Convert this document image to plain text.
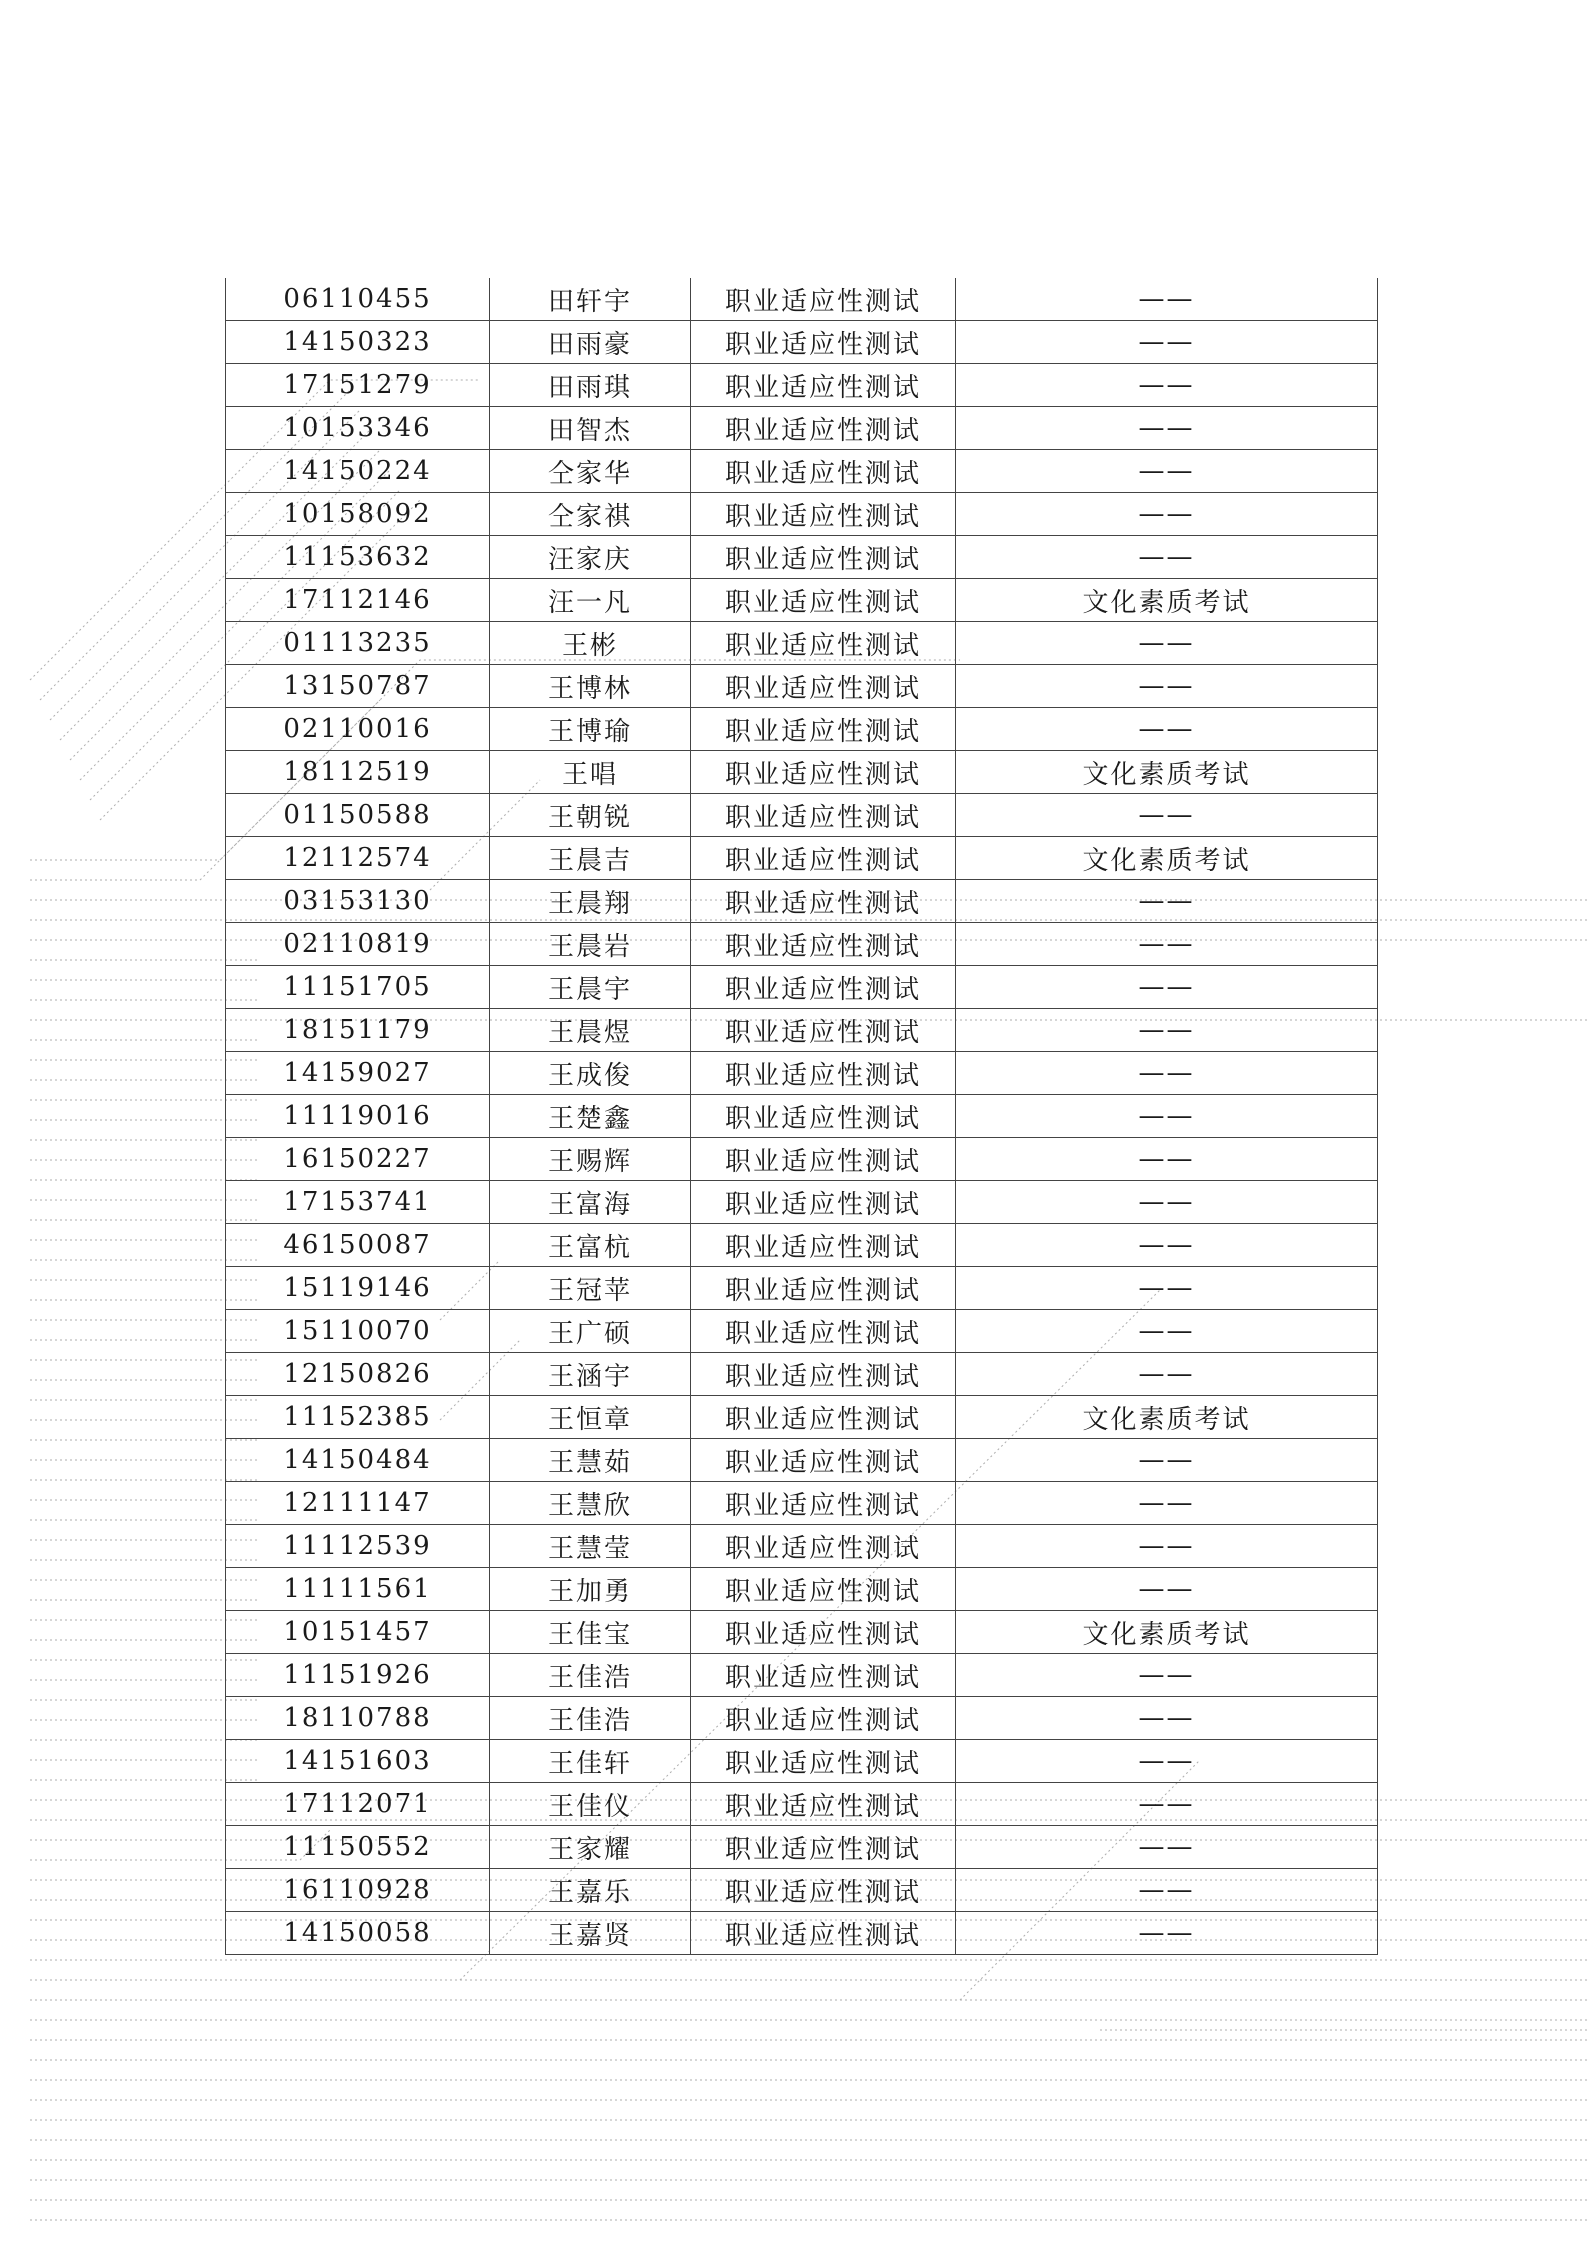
06110455	田轩宇	职业适应性测试	——
14150323	田雨豪	职业适应性测试	——
17151279	田雨琪	职业适应性测试	——
10153346	田智杰	职业适应性测试	——
14150224	仝家华	职业适应性测试	——
10158092	仝家祺	职业适应性测试	——
11153632	汪家庆	职业适应性测试	——
17112146	汪一凡	职业适应性测试	文化素质考试
01113235	王彬	职业适应性测试	——
13150787	王博林	职业适应性测试	——
02110016	王博瑜	职业适应性测试	——
18112519	王唱	职业适应性测试	文化素质考试
01150588	王朝锐	职业适应性测试	——
12112574	王晨吉	职业适应性测试	文化素质考试
03153130	王晨翔	职业适应性测试	——
02110819	王晨岩	职业适应性测试	——
11151705	王晨宇	职业适应性测试	——
18151179	王晨煜	职业适应性测试	——
14159027	王成俊	职业适应性测试	——
11119016	王楚鑫	职业适应性测试	——
16150227	王赐辉	职业适应性测试	——
17153741	王富海	职业适应性测试	——
46150087	王富杭	职业适应性测试	——
15119146	王冠苹	职业适应性测试	——
15110070	王广硕	职业适应性测试	——
12150826	王涵宇	职业适应性测试	——
11152385	王恒章	职业适应性测试	文化素质考试
14150484	王慧茹	职业适应性测试	——
12111147	王慧欣	职业适应性测试	——
11112539	王慧莹	职业适应性测试	——
11111561	王加勇	职业适应性测试	——
10151457	王佳宝	职业适应性测试	文化素质考试
11151926	王佳浩	职业适应性测试	——
18110788	王佳浩	职业适应性测试	——
14151603	王佳轩	职业适应性测试	——
17112071	王佳仪	职业适应性测试	——
11150552	王家耀	职业适应性测试	——
16110928	王嘉乐	职业适应性测试	——
14150058	王嘉贤	职业适应性测试	——
